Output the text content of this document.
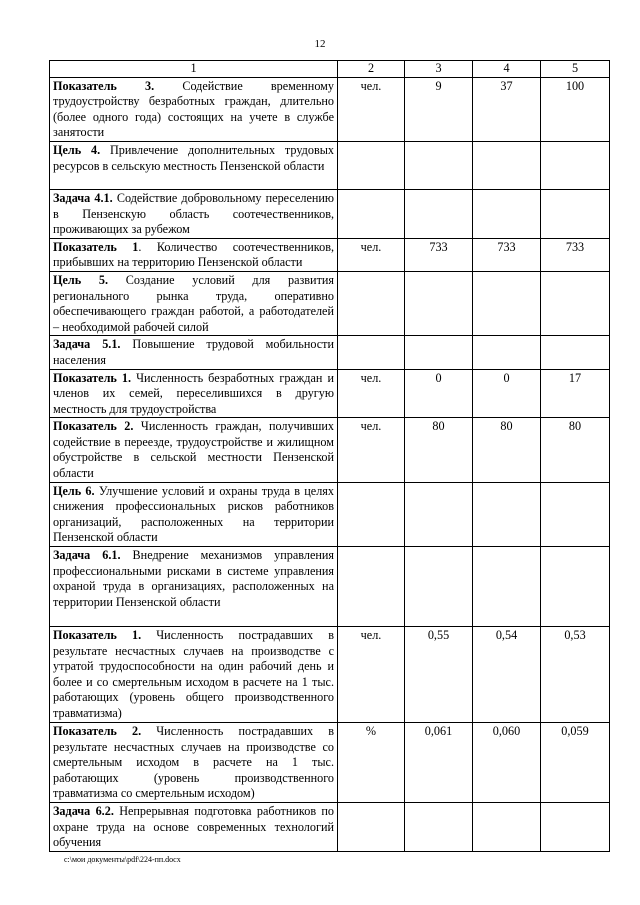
12
1	2	3	4	5
Показатель 3. Содействие временному трудоустройству безработных граждан, длительно (более одного года) состоящих на учете в службе занятости	чел.	9	37	100
Цель 4. Привлечение дополнительных трудовых ресурсов в сельскую местность Пензенской области				
Задача 4.1. Содействие добровольному переселению в Пензенскую область соотечественников, проживающих за рубежом				
Показатель 1. Количество соотечественников, прибывших на территорию Пензенской области	чел.	733	733	733
Цель 5. Создание условий для развития регионального рынка труда, оперативно обеспечивающего граждан работой, а работодателей – необходимой рабочей силой				
Задача 5.1. Повышение трудовой мобильности населения				
Показатель 1. Численность безработных граждан и членов их семей, переселившихся в другую местность для трудоустройства	чел.	0	0	17
Показатель 2. Численность граждан, получивших содействие в переезде, трудоустройстве и жилищном обустройстве в сельской местности Пензенской области	чел.	80	80	80
Цель 6. Улучшение условий и охраны труда в целях снижения профессиональных рисков работников организаций, расположенных на территории Пензенской области				
Задача 6.1. Внедрение механизмов управления профессиональными рисками в системе управления охраной труда в организациях, расположенных на территории Пензенской области				
Показатель 1. Численность пострадавших в результате несчастных случаев на производстве с утратой трудоспособности на один рабочий день и более и со смертельным исходом в расчете на 1 тыс. работающих (уровень общего производственного травматизма)	чел.	0,55	0,54	0,53
Показатель 2. Численность пострадавших в результате несчастных случаев на производстве со смертельным исходом в расчете на 1 тыс. работающих (уровень производственного травматизма со смертельным исходом)	%	0,061	0,060	0,059
Задача 6.2. Непрерывная подготовка работников по охране труда на основе современных технологий обучения				
c:\мои документы\pdf\224-пп.docx
